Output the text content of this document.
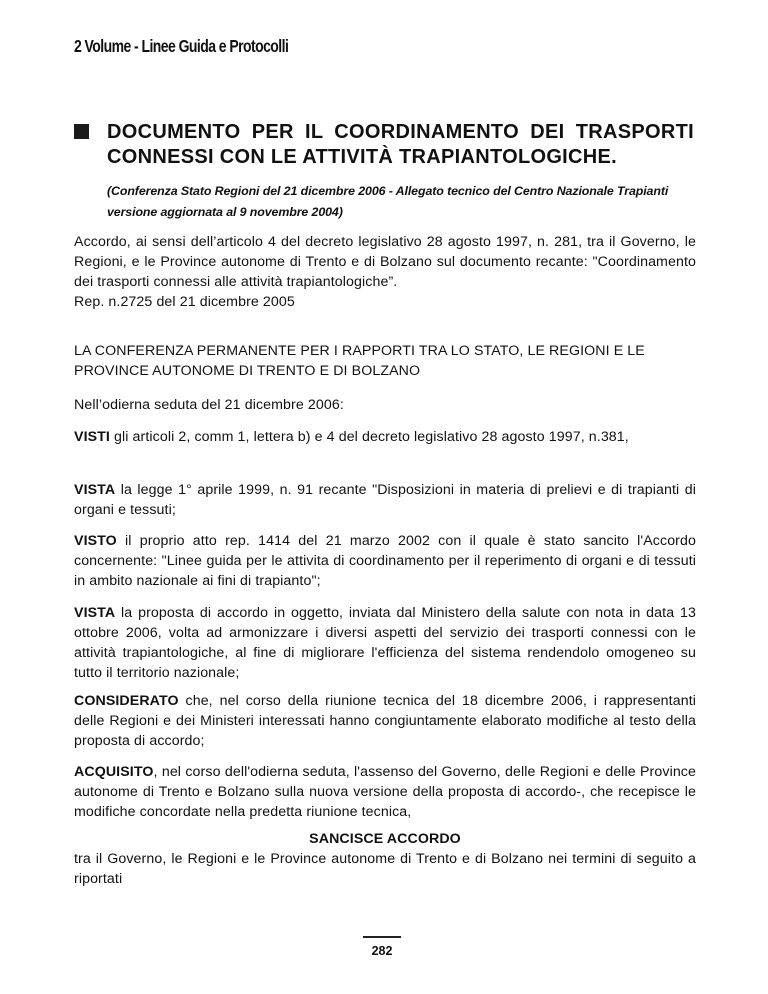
2 Volume - Linee Guida e Protocolli
DOCUMENTO PER IL COORDINAMENTO DEI TRASPORTI
CONNESSI CON LE ATTIVITÀ TRAPIANTOLOGICHE.
(Conferenza Stato Regioni del 21 dicembre 2006 - Allegato tecnico del Centro Nazionale Trapianti versione aggiornata al 9 novembre 2004)

Accordo, ai sensi dell’articolo 4 del decreto legislativo 28 agosto 1997, n. 281, tra il Governo, le Regioni, e le Province autonome di Trento e di Bolzano sul documento recante: "Coordinamento dei trasporti connessi alle attività trapiantologiche”.

Rep. n.2725 del 21 dicembre 2005

LA CONFERENZA PERMANENTE PER I RAPPORTI TRA LO STATO, LE REGIONI E LE PROVINCE AUTONOME DI TRENTO E DI BOLZANO

Nell’odierna seduta del 21 dicembre 2006:

VISTI gli articoli 2, comm 1, lettera b) e 4 del decreto legislativo 28 agosto 1997, n.381,

VISTA la legge 1° aprile 1999, n. 91 recante "Disposizioni in materia di prelievi e di trapianti di organi e tessuti;

VISTO il proprio atto rep. 1414 del 21 marzo 2002 con il quale è stato sancito l'Accordo concernente: "Linee guida per le attivita di coordinamento per il reperimento di organi e di tessuti in ambito nazionale ai fini di trapianto";

VISTA la proposta di accordo in oggetto, inviata dal Ministero della salute con nota in data 13 ottobre 2006, volta ad armonizzare i diversi aspetti del servizio dei trasporti connessi con le attività trapiantologiche, al fine di migliorare l'efficienza del sistema rendendolo omogeneo su tutto il territorio nazionale;

CONSIDERATO che, nel corso della riunione tecnica del 18 dicembre 2006, i rappresentanti delle Regioni e dei Ministeri interessati hanno congiuntamente elaborato modifiche al testo della proposta di accordo;

ACQUISITO, nel corso dell'odierna seduta, l'assenso del Governo, delle Regioni e delle Province autonome di Trento e Bolzano sulla nuova versione della proposta di accordo-, che recepisce le modifiche concordate nella predetta riunione tecnica,

SANCISCE ACCORDO

tra il Governo, le Regioni e le Province autonome di Trento e di Bolzano nei termini di seguito a riportati

282
